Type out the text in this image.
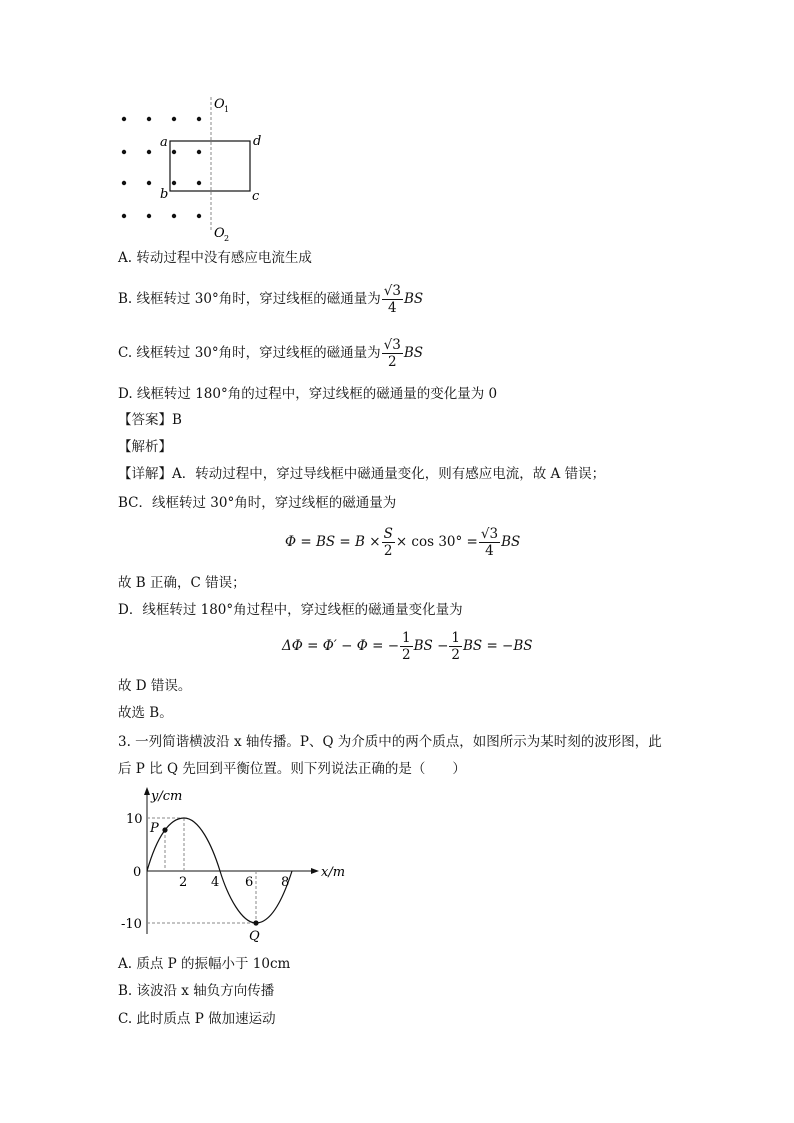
O 1
O 2
a
b	c
d
A. 转动过程中没有感应电流生成
B. 线框转过 30°角时，穿过线框的磁通量为 $\frac{√3}{4}$ BS
C. 线框转过 30°角时，穿过线框的磁通量为 $\frac{√3}{2}$ BS
D. 线框转过 180°角的过程中，穿过线框的磁通量的变化量为 0
【答案】B
【解析】
【详解】A．转动过程中，穿过导线框中磁通量变化，则有感应电流，故 A 错误；
BC．线框转过 30°角时，穿过线框的磁通量为
Φ = BS = $B \times \frac{S}{2} \times \cos 30^\circ = \frac{√3}{4}$ BS
故 B 正确，C 错误；
D．线框转过 180°角过程中，穿过线框的磁通量变化量为
ΔΦ = Φ′ − Φ = − $\frac{1}{2}$ BS − $\frac{1}{2}$ BS = −BS
故 D 错误。
故选 B。
3. 一列简谐横波沿 x 轴传播。P、Q 为介质中的两个质点，如图所示为某时刻的波形图，此
后 P 比 Q 先回到平衡位置。则下列说法正确的是（　　）
y/cm
x/m
10
0
-10
2 4 6 8
P
Q
A. 质点 P 的振幅小于 10cm
B. 该波沿 x 轴负方向传播
C. 此时质点 P 做加速运动
